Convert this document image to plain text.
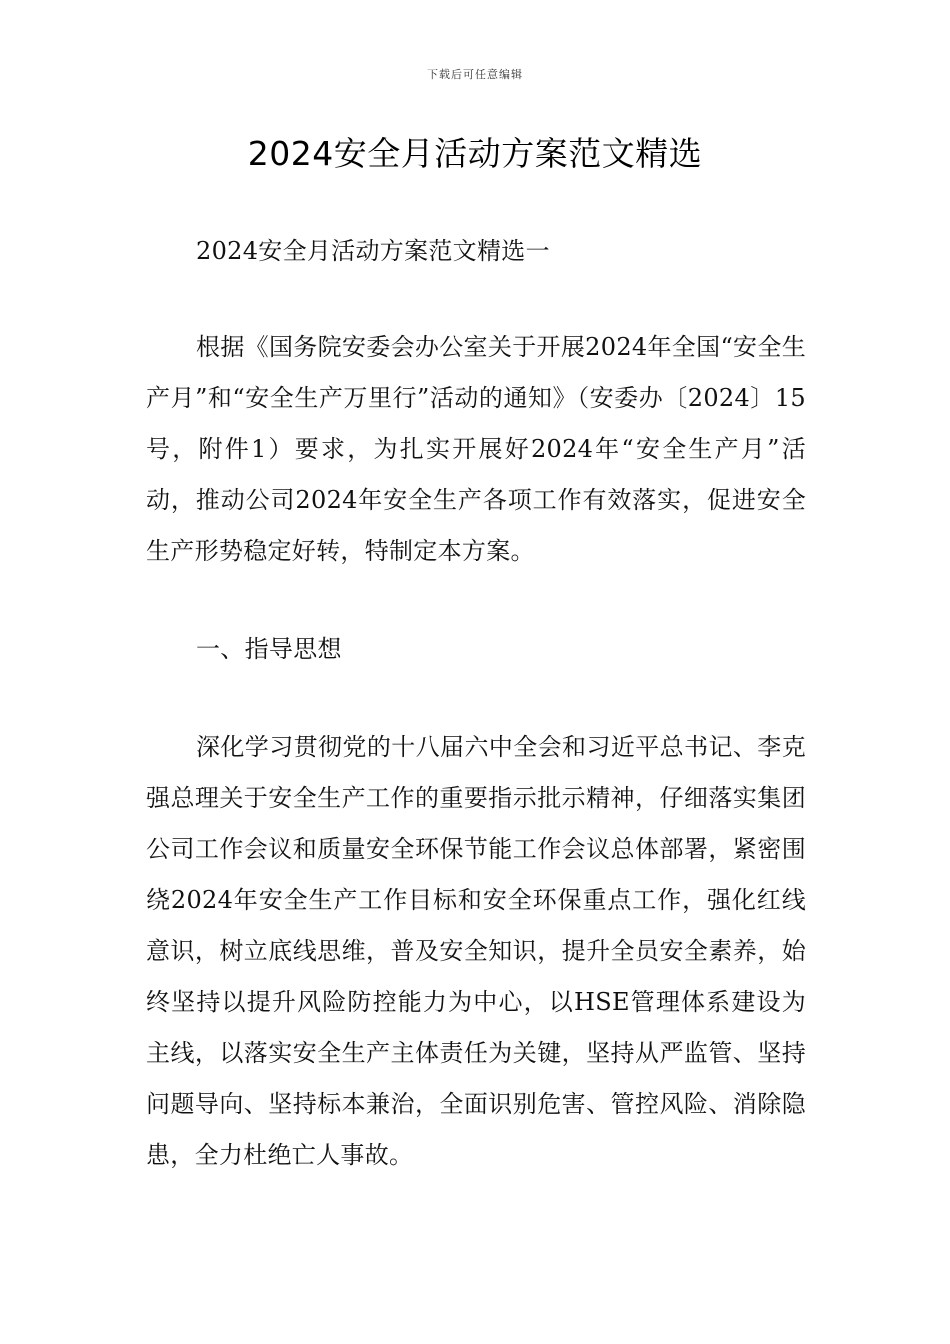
下载后可任意编辑
2024安全月活动方案范文精选

2024安全月活动方案范文精选一

根据《国务院安委会办公室关于开展2024年全国“安全生产月”和“安全生产万里行”活动的通知》（安委办〔2024〕15号，附件1）要求，为扎实开展好2024年“安全生产月”活动，推动公司2024年安全生产各项工作有效落实，促进安全生产形势稳定好转，特制定本方案。

一、指导思想

深化学习贯彻党的十八届六中全会和习近平总书记、李克强总理关于安全生产工作的重要指示批示精神，仔细落实集团公司工作会议和质量安全环保节能工作会议总体部署，紧密围绕2024年安全生产工作目标和安全环保重点工作，强化红线意识，树立底线思维，普及安全知识，提升全员安全素养，始终坚持以提升风险防控能力为中心，以HSE管理体系建设为主线，以落实安全生产主体责任为关键，坚持从严监管、坚持问题导向、坚持标本兼治，全面识别危害、管控风险、消除隐患，全力杜绝亡人事故。
